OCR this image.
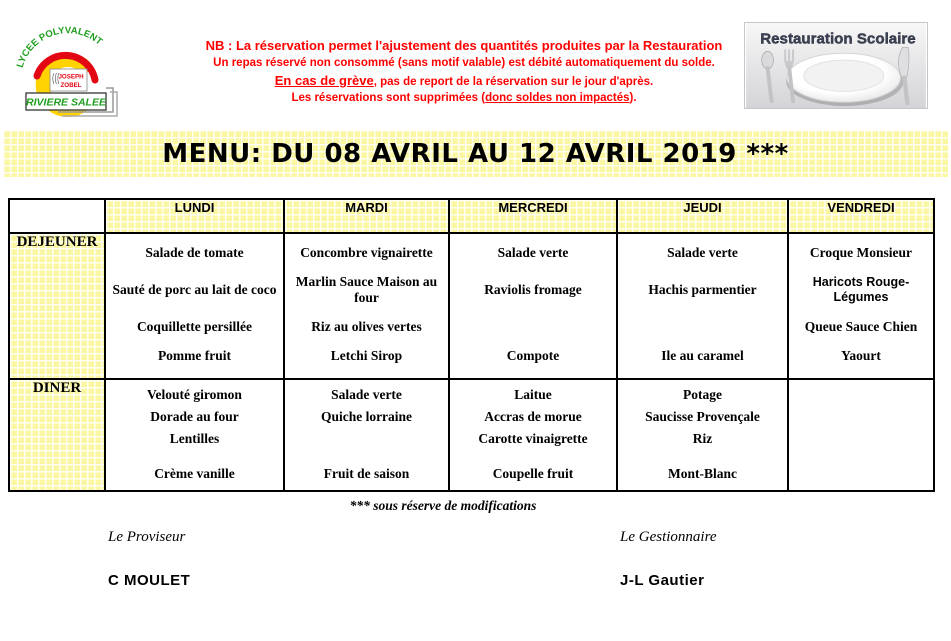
LYCEE POLYVALENT
JOSEPH
ZOBEL
RIVIERE SALEE
NB : La réservation permet l'ajustement des quantités produites par la Restauration
Un repas réservé non consommé (sans motif valable) est débité automatiquement du solde.
En cas de grève, pas de report de la réservation sur le jour d'après.
Les réservations sont supprimées (donc soldes non impactés).
Restauration Scolaire
MENU: DU 08 AVRIL AU 12 AVRIL 2019 ***
	LUNDI	MARDI	MERCREDI	JEUDI	VENDREDI
DEJEUNER	
Salade de tomate
Sauté de porc au lait de coco
Coquillette persillée
Pomme fruit

Concombre vignairette
Marlin Sauce Maison au four
Riz au olives vertes
Letchi Sirop

Salade verte
Raviolis fromage
Compote

Salade verte
Hachis parmentier
Ile au caramel

Croque Monsieur
Haricots Rouge-Légumes
Queue Sauce Chien
Yaourt

DINER	Velouté giromon
Dorade au four
Lentilles
Crème vanille

Salade verte
Quiche lorraine
Fruit de saison

Laitue
Accras de morue
Carotte vinaigrette
Coupelle fruit

Potage
Saucisse Provençale
Riz
Mont-Blanc

*** sous réserve de modifications
Le Proviseur	Le Gestionnaire
C MOULET	J-L Gautier
